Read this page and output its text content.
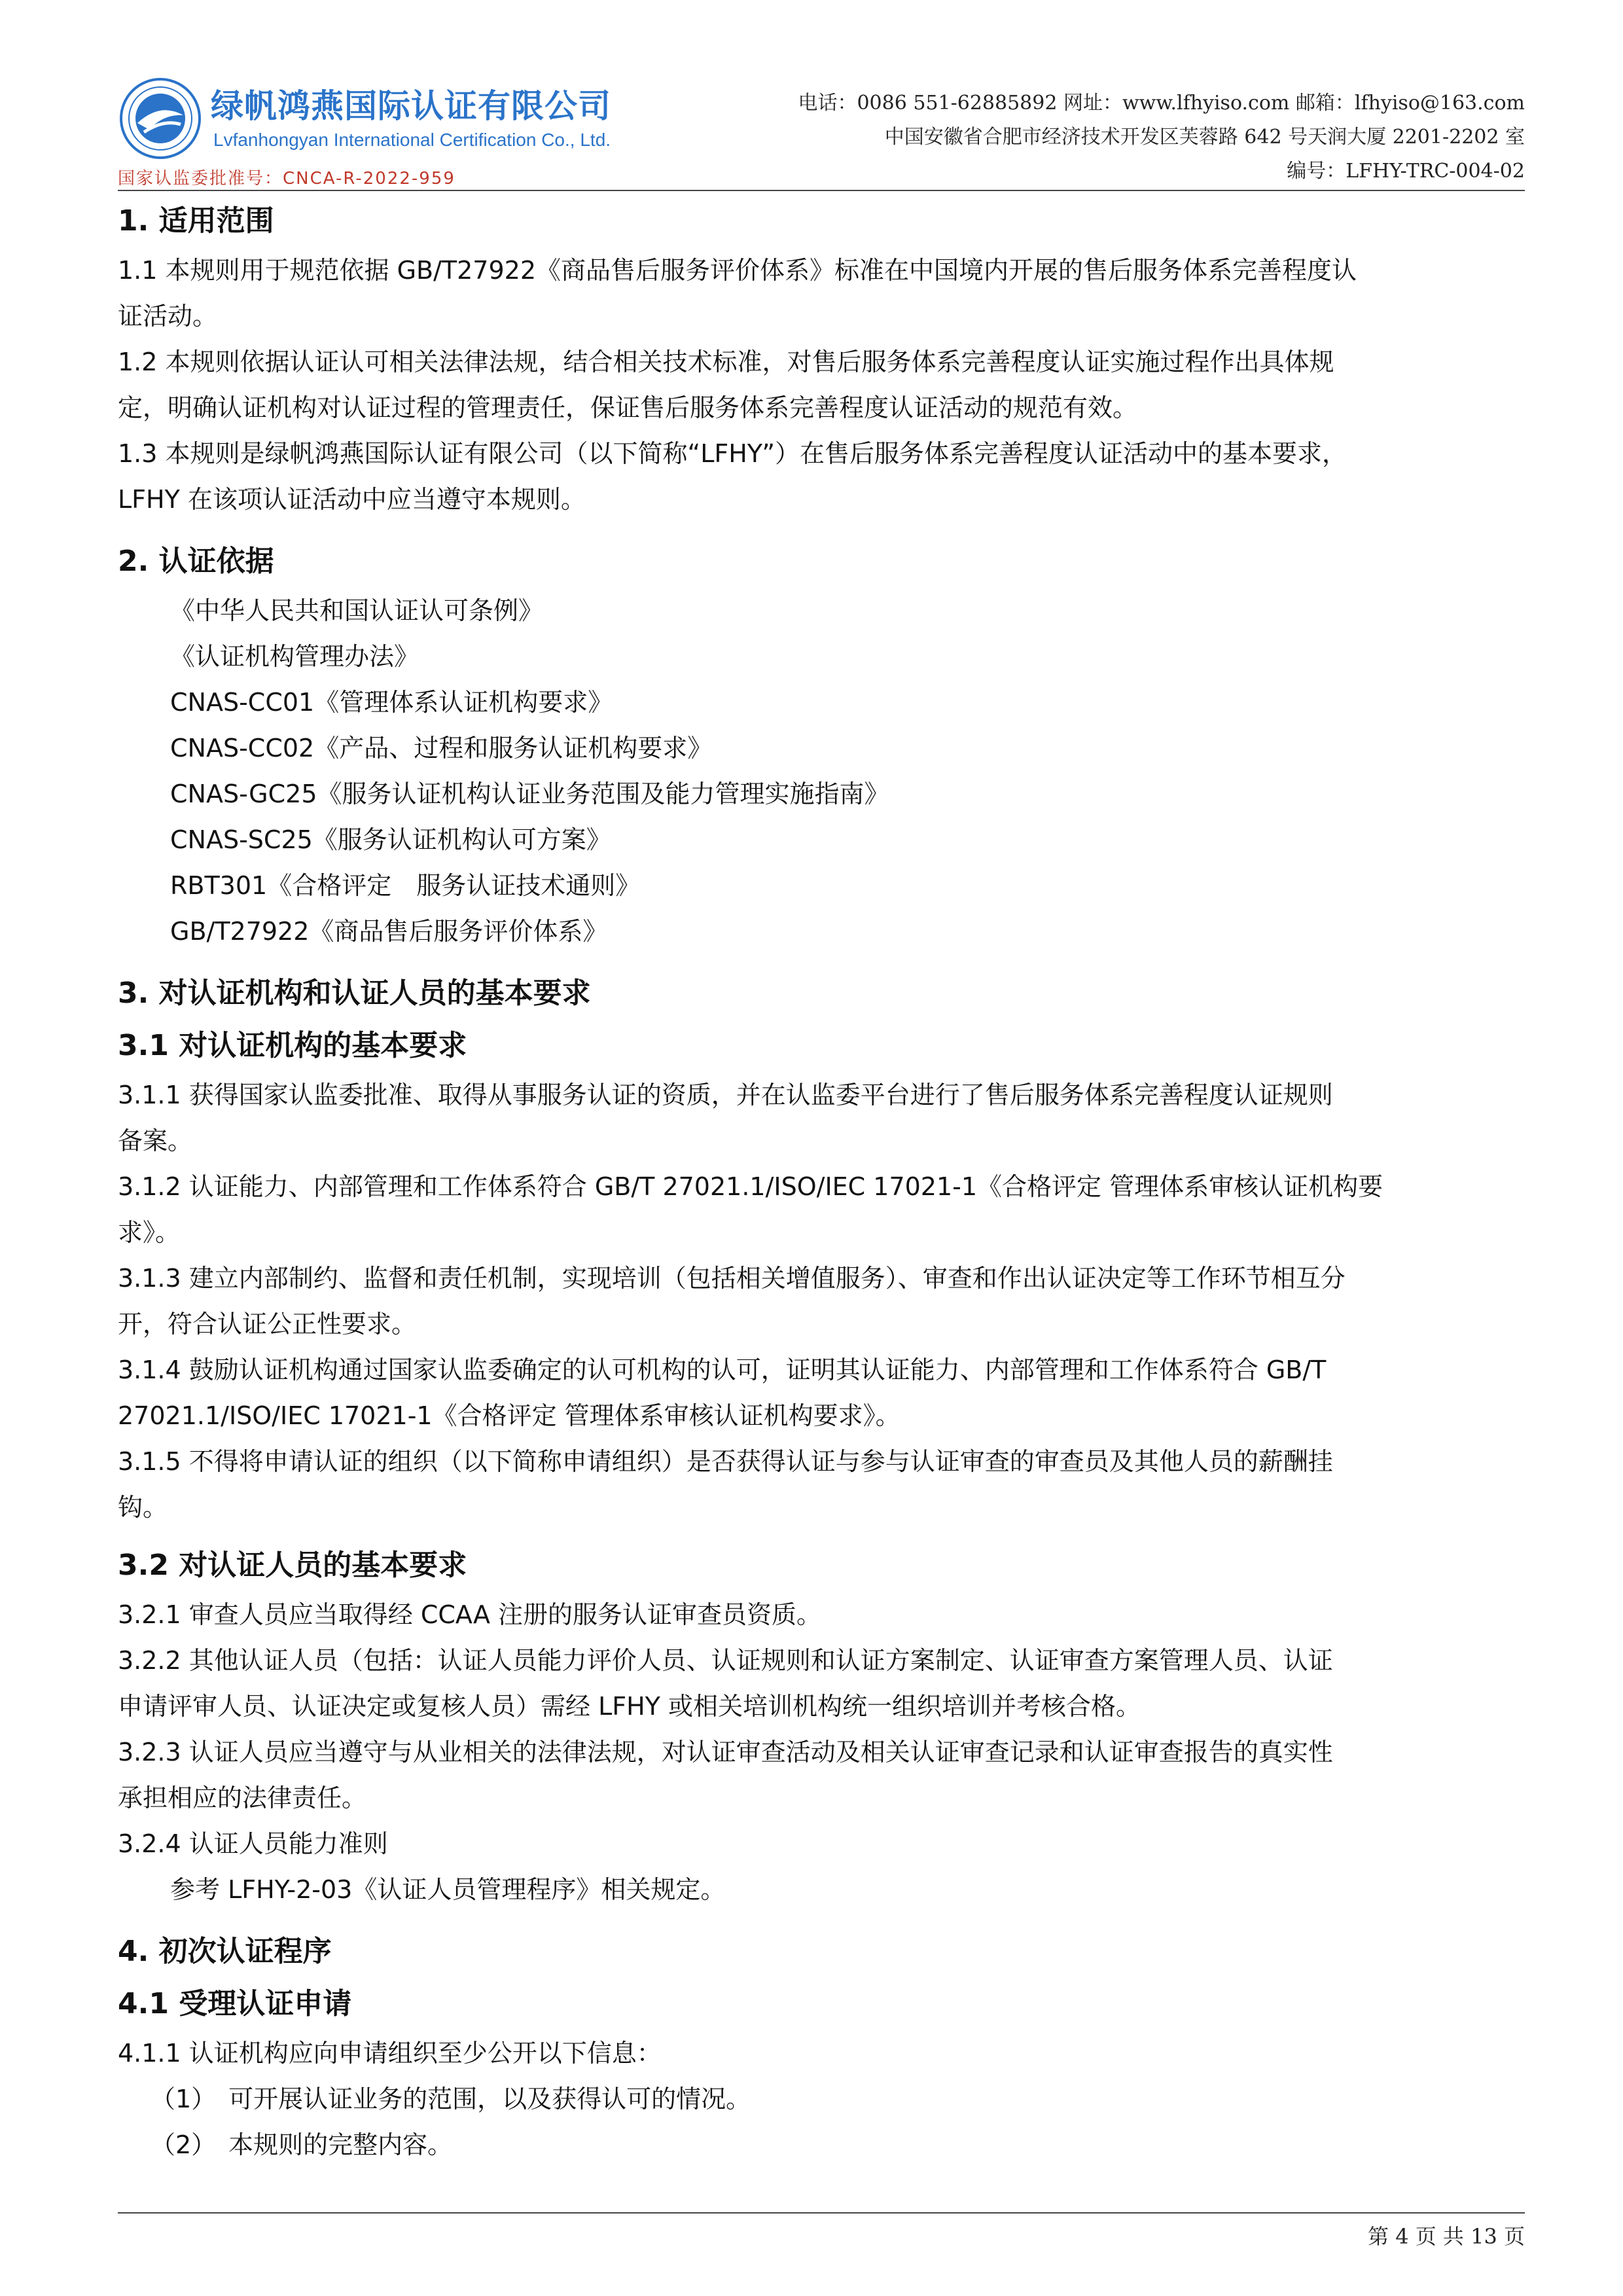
绿帆鸿燕国际认证有限公司
Lvfanhongyan International Certification Co., Ltd.
国家认监委批准号：CNCA-R-2022-959
电话：0086 551-62885892 网址：www.lfhyiso.com 邮箱：lfhyiso@163.com
中国安徽省合肥市经济技术开发区芙蓉路 642 号天润大厦 2201-2202 室
编号：LFHY-TRC-004-02
1. 适用范围
1.1 本规则用于规范依据 GB/T27922《商品售后服务评价体系》标准在中国境内开展的售后服务体系完善程度认
证活动。
1.2 本规则依据认证认可相关法律法规，结合相关技术标准，对售后服务体系完善程度认证实施过程作出具体规
定，明确认证机构对认证过程的管理责任，保证售后服务体系完善程度认证活动的规范有效。
1.3 本规则是绿帆鸿燕国际认证有限公司（以下简称“LFHY”）在售后服务体系完善程度认证活动中的基本要求，
LFHY 在该项认证活动中应当遵守本规则。
2. 认证依据
《中华人民共和国认证认可条例》
《认证机构管理办法》
CNAS-CC01《管理体系认证机构要求》
CNAS-CC02《产品、过程和服务认证机构要求》
CNAS-GC25《服务认证机构认证业务范围及能力管理实施指南》
CNAS-SC25《服务认证机构认可方案》
RBT301《合格评定　服务认证技术通则》
GB/T27922《商品售后服务评价体系》
3. 对认证机构和认证人员的基本要求
3.1 对认证机构的基本要求
3.1.1 获得国家认监委批准、取得从事服务认证的资质，并在认监委平台进行了售后服务体系完善程度认证规则
备案。
3.1.2 认证能力、内部管理和工作体系符合 GB/T 27021.1/ISO/IEC 17021-1《合格评定 管理体系审核认证机构要
求》。
3.1.3 建立内部制约、监督和责任机制，实现培训（包括相关增值服务）、审查和作出认证决定等工作环节相互分
开，符合认证公正性要求。
3.1.4 鼓励认证机构通过国家认监委确定的认可机构的认可，证明其认证能力、内部管理和工作体系符合 GB/T
27021.1/ISO/IEC 17021-1《合格评定 管理体系审核认证机构要求》。
3.1.5 不得将申请认证的组织（以下简称申请组织）是否获得认证与参与认证审查的审查员及其他人员的薪酬挂
钩。
3.2 对认证人员的基本要求
3.2.1 审查人员应当取得经 CCAA 注册的服务认证审查员资质。
3.2.2 其他认证人员（包括：认证人员能力评价人员、认证规则和认证方案制定、认证审查方案管理人员、认证
申请评审人员、认证决定或复核人员）需经 LFHY 或相关培训机构统一组织培训并考核合格。
3.2.3 认证人员应当遵守与从业相关的法律法规，对认证审查活动及相关认证审查记录和认证审查报告的真实性
承担相应的法律责任。
3.2.4 认证人员能力准则
参考 LFHY-2-03《认证人员管理程序》相关规定。
4. 初次认证程序
4.1 受理认证申请
4.1.1 认证机构应向申请组织至少公开以下信息：
（1）　可开展认证业务的范围，以及获得认可的情况。
（2）　本规则的完整内容。
第 4 页 共 13 页
